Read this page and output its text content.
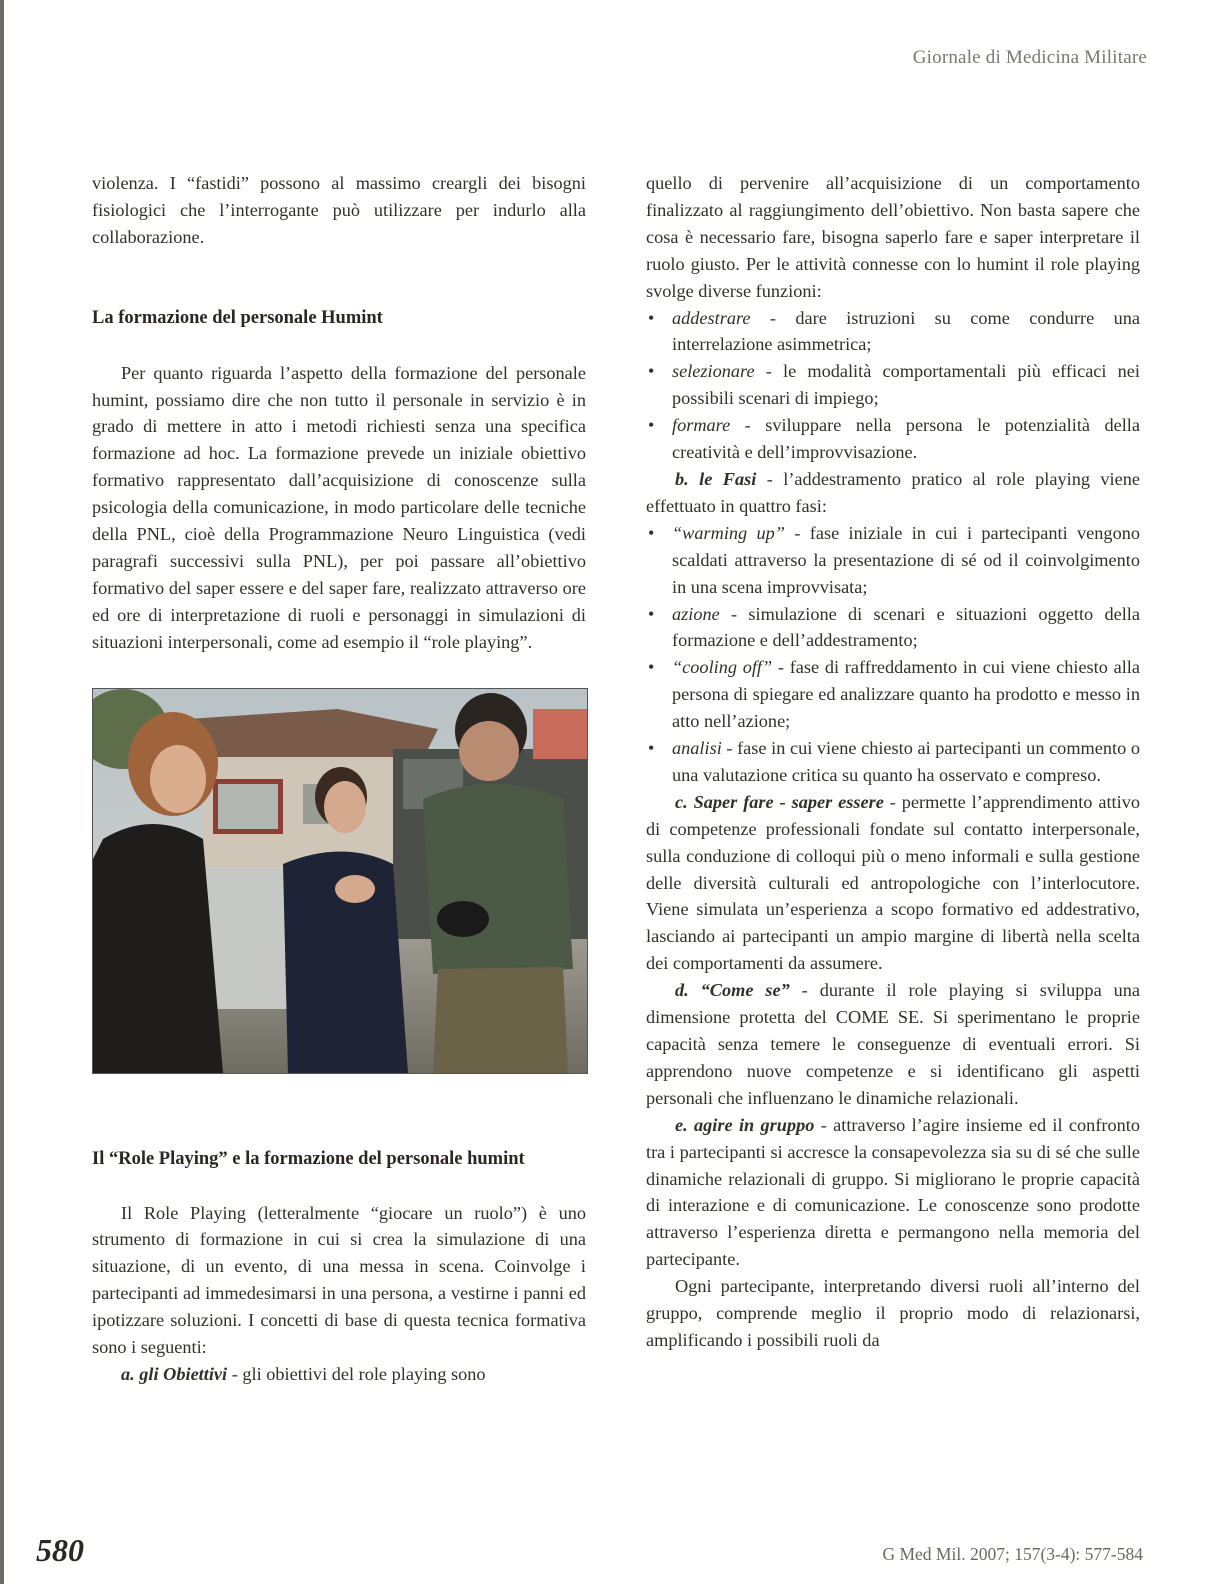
Giornale di Medicina Militare

violenza. I “fastidi” possono al massimo creargli dei bisogni fisiologici che l’interrogante può utilizzare per indurlo alla collaborazione.

La formazione del personale Humint

Per quanto riguarda l’aspetto della formazione del personale humint, possiamo dire che non tutto il personale in servizio è in grado di mettere in atto i metodi richiesti senza una specifica formazione ad hoc. La formazione prevede un iniziale obiettivo formativo rappresentato dall’acquisizione di conoscenze sulla psicologia della comunicazione, in modo particolare delle tecniche della PNL, cioè della Programmazione Neuro Linguistica (vedi paragrafi successivi sulla PNL), per poi passare all’obiettivo formativo del saper essere e del saper fare, realizzato attraverso ore ed ore di interpretazione di ruoli e personaggi in simulazioni di situazioni interpersonali, come ad esempio il “role playing”.

Il “Role Playing” e la formazione del personale humint

Il Role Playing (letteralmente “giocare un ruolo”) è uno strumento di formazione in cui si crea la simulazione di una situazione, di un evento, di una messa in scena. Coinvolge i partecipanti ad immedesimarsi in una persona, a vestirne i panni ed ipotizzare soluzioni. I concetti di base di questa tecnica formativa sono i seguenti:

a. gli Obiettivi - gli obiettivi del role playing sono

quello di pervenire all’acquisizione di un comportamento finalizzato al raggiungimento dell’obiettivo. Non basta sapere che cosa è necessario fare, bisogna saperlo fare e saper interpretare il ruolo giusto. Per le attività connesse con lo humint il role playing svolge diverse funzioni:

• addestrare - dare istruzioni su come condurre una interrelazione asimmetrica;
• selezionare - le modalità comportamentali più efficaci nei possibili scenari di impiego;
• formare - sviluppare nella persona le potenzialità della creatività e dell’improvvisazione.

b. le Fasi - l’addestramento pratico al role playing viene effettuato in quattro fasi:

• “warming up” - fase iniziale in cui i partecipanti vengono scaldati attraverso la presentazione di sé od il coinvolgimento in una scena improvvisata;
• azione - simulazione di scenari e situazioni oggetto della formazione e dell’addestramento;
• “cooling off” - fase di raffreddamento in cui viene chiesto alla persona di spiegare ed analizzare quanto ha prodotto e messo in atto nell’azione;
• analisi - fase in cui viene chiesto ai partecipanti un commento o una valutazione critica su quanto ha osservato e compreso.

c. Saper fare - saper essere - permette l’apprendimento attivo di competenze professionali fondate sul contatto interpersonale, sulla conduzione di colloqui più o meno informali e sulla gestione delle diversità culturali ed antropologiche con l’interlocutore. Viene simulata un’esperienza a scopo formativo ed addestrativo, lasciando ai partecipanti un ampio margine di libertà nella scelta dei comportamenti da assumere.

d. “Come se” - durante il role playing si sviluppa una dimensione protetta del COME SE. Si sperimentano le proprie capacità senza temere le conseguenze di eventuali errori. Si apprendono nuove competenze e si identificano gli aspetti personali che influenzano le dinamiche relazionali.

e. agire in gruppo - attraverso l’agire insieme ed il confronto tra i partecipanti si accresce la consapevolezza sia su di sé che sulle dinamiche relazionali di gruppo. Si migliorano le proprie capacità di interazione e di comunicazione. Le conoscenze sono prodotte attraverso l’esperienza diretta e permangono nella memoria del partecipante.

Ogni partecipante, interpretando diversi ruoli all’interno del gruppo, comprende meglio il proprio modo di relazionarsi, amplificando i possibili ruoli da

580	G Med Mil. 2007; 157(3-4): 577-584
